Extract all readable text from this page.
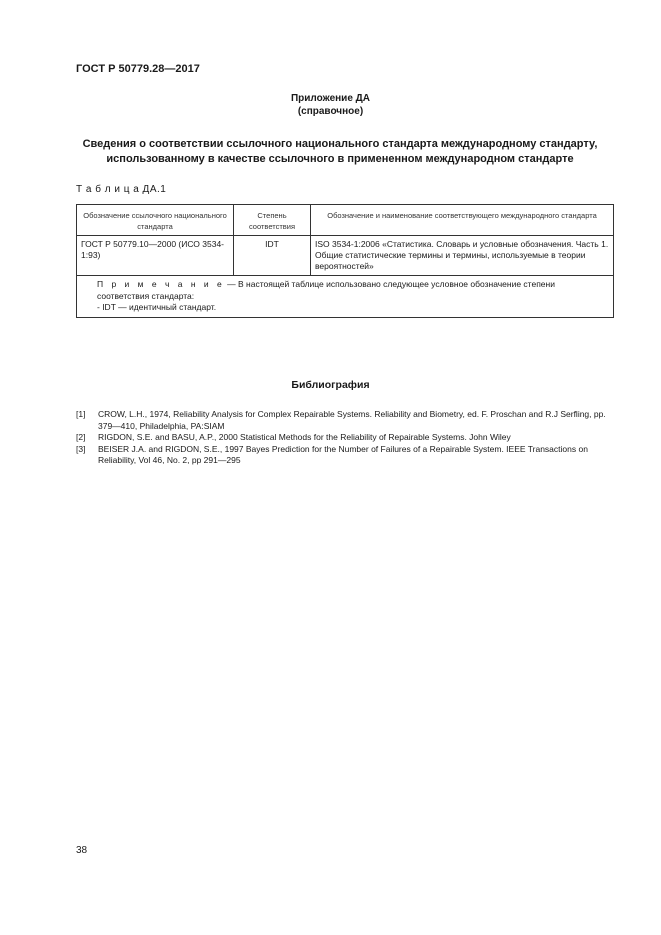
ГОСТ Р 50779.28—2017
Приложение ДА
(справочное)
Сведения о соответствии ссылочного национального стандарта международному стандарту, использованному в качестве ссылочного в примененном международном стандарте
Т а б л и ц а ДА.1
Обозначение ссылочного национального стандарта	Степень соответствия	Обозначение и наименование соответствующего международного стандарта
ГОСТ Р 50779.10—2000 (ИСО 3534-1:93)	IDT	ISO 3534-1:2006 «Статистика. Словарь и условные обозначения. Часть 1. Общие статистические термины и термины, используемые в теории вероятностей»

П р и м е ч а н и е — В настоящей таблице использовано следующее условное обозначение степени соответствия стандарта:
- IDT — идентичный стандарт.		
Библиография
[1]	CROW, L.H., 1974, Reliability Analysis for Complex Repairable Systems. Reliability and Biometry, ed. F. Proschan and R.J Serfling, pp. 379—410, Philadelphia, PA:SIAM
[2]	RIGDON, S.E. and BASU, A.P., 2000 Statistical Methods for the Reliability of Repairable Systems. John Wiley
[3]	BEISER J.A. and RIGDON, S.E., 1997 Bayes Prediction for the Number of Failures of a Repairable System. IEEE Transactions on Reliability, Vol 46, No. 2, pp 291—295
38
